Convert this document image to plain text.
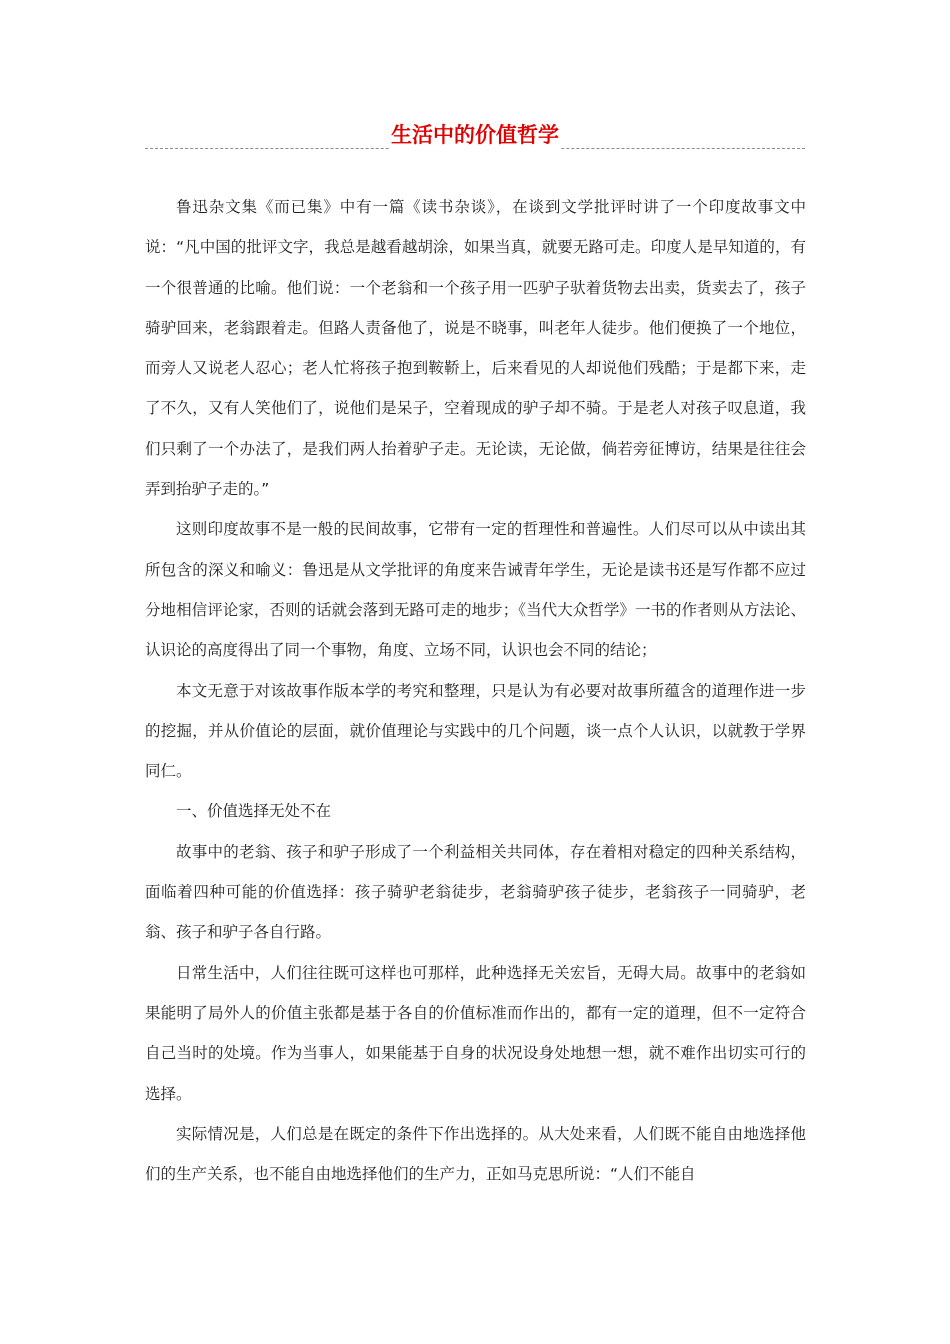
生活中的价值哲学

鲁迅杂文集《而已集》中有一篇《读书杂谈》，在谈到文学批评时讲了一个印度故事文中说：“凡中国的批评文字，我总是越看越胡涂，如果当真，就要无路可走。印度人是早知道的，有一个很普通的比喻。他们说：一个老翁和一个孩子用一匹驴子驮着货物去出卖，货卖去了，孩子骑驴回来，老翁跟着走。但路人责备他了，说是不晓事，叫老年人徒步。他们便换了一个地位，而旁人又说老人忍心；老人忙将孩子抱到鞍鞒上，后来看见的人却说他们残酷；于是都下来，走了不久，又有人笑他们了，说他们是呆子，空着现成的驴子却不骑。于是老人对孩子叹息道，我们只剩了一个办法了，是我们两人抬着驴子走。无论读，无论做，倘若旁征博访，结果是往往会弄到抬驴子走的。”

这则印度故事不是一般的民间故事，它带有一定的哲理性和普遍性。人们尽可以从中读出其所包含的深义和喻义：鲁迅是从文学批评的角度来告诫青年学生，无论是读书还是写作都不应过分地相信评论家，否则的话就会落到无路可走的地步；《当代大众哲学》一书的作者则从方法论、认识论的高度得出了同一个事物，角度、立场不同，认识也会不同的结论；

本文无意于对该故事作版本学的考究和整理，只是认为有必要对故事所蕴含的道理作进一步的挖掘，并从价值论的层面，就价值理论与实践中的几个问题，谈一点个人认识，以就教于学界同仁。

一、价值选择无处不在

故事中的老翁、孩子和驴子形成了一个利益相关共同体，存在着相对稳定的四种关系结构，面临着四种可能的价值选择：孩子骑驴老翁徒步，老翁骑驴孩子徒步，老翁孩子一同骑驴，老翁、孩子和驴子各自行路。

日常生活中，人们往往既可这样也可那样，此种选择无关宏旨，无碍大局。故事中的老翁如果能明了局外人的价值主张都是基于各自的价值标准而作出的，都有一定的道理，但不一定符合自己当时的处境。作为当事人，如果能基于自身的状况设身处地想一想，就不难作出切实可行的选择。

实际情况是，人们总是在既定的条件下作出选择的。从大处来看，人们既不能自由地选择他们的生产关系，也不能自由地选择他们的生产力，正如马克思所说：“人们不能自
